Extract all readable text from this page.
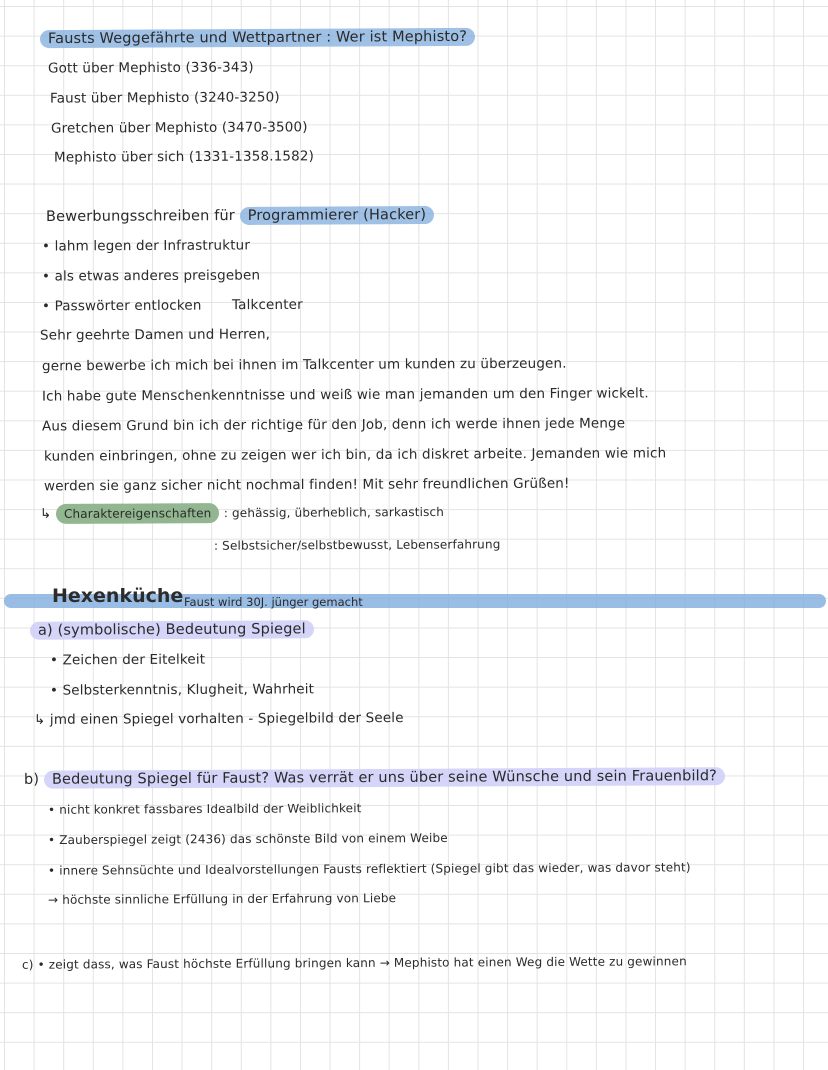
Fausts Weggefährte und Wettpartner : Wer ist Mephisto?
Gott über Mephisto (336-343)
Faust über Mephisto (3240-3250)
Gretchen über Mephisto (3470-3500)
Mephisto über sich (1331-1358.1582)
Bewerbungsschreiben für Programmierer (Hacker)
• lahm legen der Infrastruktur
• als etwas anderes preisgeben
• Passwörter entlocken Talkcenter
Sehr geehrte Damen und Herren,
gerne bewerbe ich mich bei ihnen im Talkcenter um kunden zu überzeugen.
Ich habe gute Menschenkenntnisse und weiß wie man jemanden um den Finger wickelt.
Aus diesem Grund bin ich der richtige für den Job, denn ich werde ihnen jede Menge
kunden einbringen, ohne zu zeigen wer ich bin, da ich diskret arbeite. Jemanden wie mich
werden sie ganz sicher nicht nochmal finden! Mit sehr freundlichen Grüßen!
↳ Charaktereigenschaften : gehässig, überheblich, sarkastisch
: Selbstsicher/selbstbewusst, Lebenserfahrung
Hexenküche Faust wird 30J. jünger gemacht
a) (symbolische) Bedeutung Spiegel
• Zeichen der Eitelkeit
• Selbsterkenntnis, Klugheit, Wahrheit
↳ jmd einen Spiegel vorhalten - Spiegelbild der Seele
b) Bedeutung Spiegel für Faust? Was verrät er uns über seine Wünsche und sein Frauenbild?
• nicht konkret fassbares Idealbild der Weiblichkeit
• Zauberspiegel zeigt (2436) das schönste Bild von einem Weibe
• innere Sehnsüchte und Idealvorstellungen Fausts reflektiert (Spiegel gibt das wieder, was davor steht)
→ höchste sinnliche Erfüllung in der Erfahrung von Liebe
c) • zeigt dass, was Faust höchste Erfüllung bringen kann → Mephisto hat einen Weg die Wette zu gewinnen
